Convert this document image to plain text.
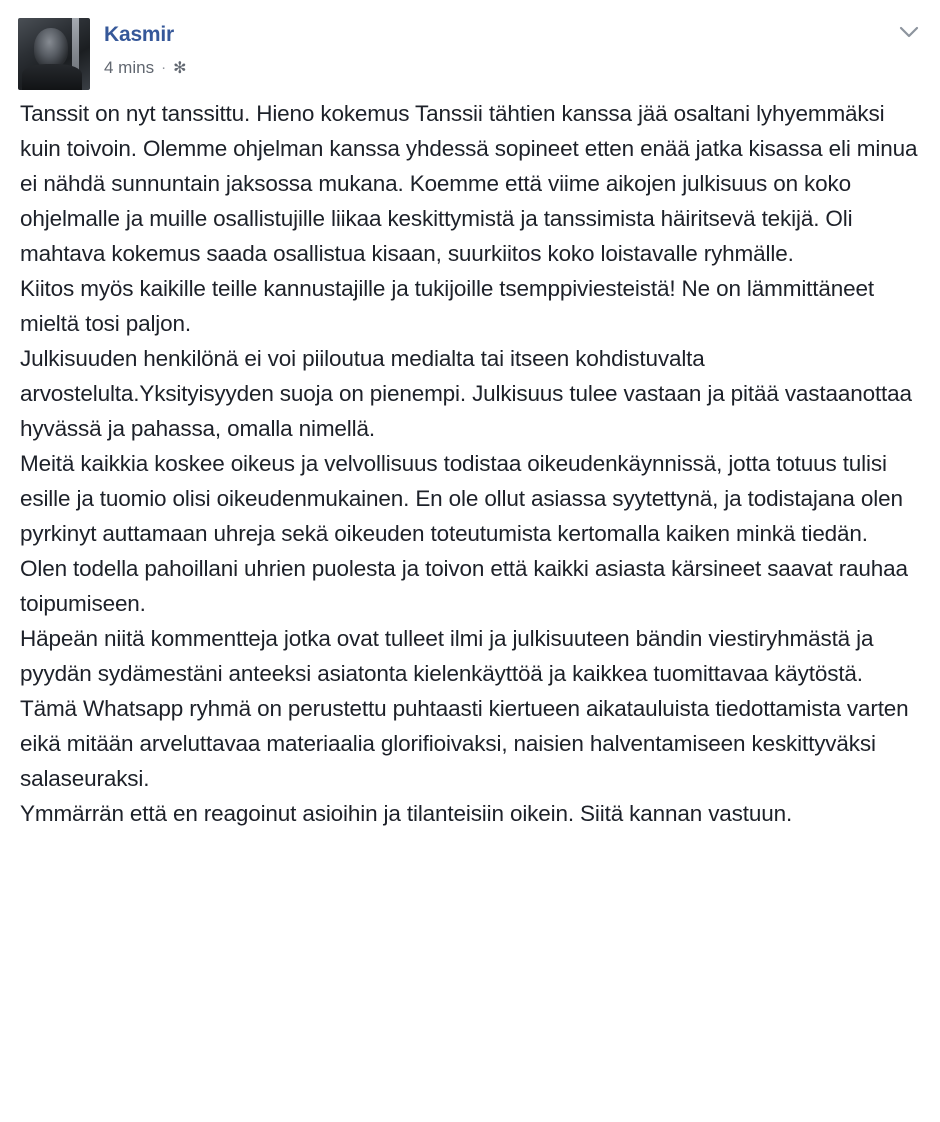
Kasmir
4 mins · ✻

Tanssit on nyt tanssittu. Hieno kokemus Tanssii tähtien kanssa jää osaltani lyhyemmäksi kuin toivoin. Olemme ohjelman kanssa yhdessä sopineet etten enää jatka kisassa eli minua ei nähdä sunnuntain jaksossa mukana. Koemme että viime aikojen julkisuus on koko ohjelmalle ja muille osallistujille liikaa keskittymistä ja tanssimista häiritsevä tekijä. Oli mahtava kokemus saada osallistua kisaan, suurkiitos koko loistavalle ryhmälle.

Kiitos myös kaikille teille kannustajille ja tukijoille tsemppiviesteistä! Ne on lämmittäneet mieltä tosi paljon.

Julkisuuden henkilönä ei voi piiloutua medialta tai itseen kohdistuvalta arvostelulta.Yksityisyyden suoja on pienempi. Julkisuus tulee vastaan ja pitää vastaanottaa hyvässä ja pahassa, omalla nimellä.

Meitä kaikkia koskee oikeus ja velvollisuus todistaa oikeudenkäynnissä, jotta totuus tulisi esille ja tuomio olisi oikeudenmukainen. En ole ollut asiassa syytettynä, ja todistajana olen pyrkinyt auttamaan uhreja sekä oikeuden toteutumista kertomalla kaiken minkä tiedän. Olen todella pahoillani uhrien puolesta ja toivon että kaikki asiasta kärsineet saavat rauhaa toipumiseen.

Häpeän niitä kommentteja jotka ovat tulleet ilmi ja julkisuuteen bändin viestiryhmästä ja pyydän sydämestäni anteeksi asiatonta kielenkäyttöä ja kaikkea tuomittavaa käytöstä. Tämä Whatsapp ryhmä on perustettu puhtaasti kiertueen aikatauluista tiedottamista varten eikä mitään arveluttavaa materiaalia glorifioivaksi, naisien halventamiseen keskittyväksi salaseuraksi.

Ymmärrän että en reagoinut asioihin ja tilanteisiin oikein. Siitä kannan vastuun.
